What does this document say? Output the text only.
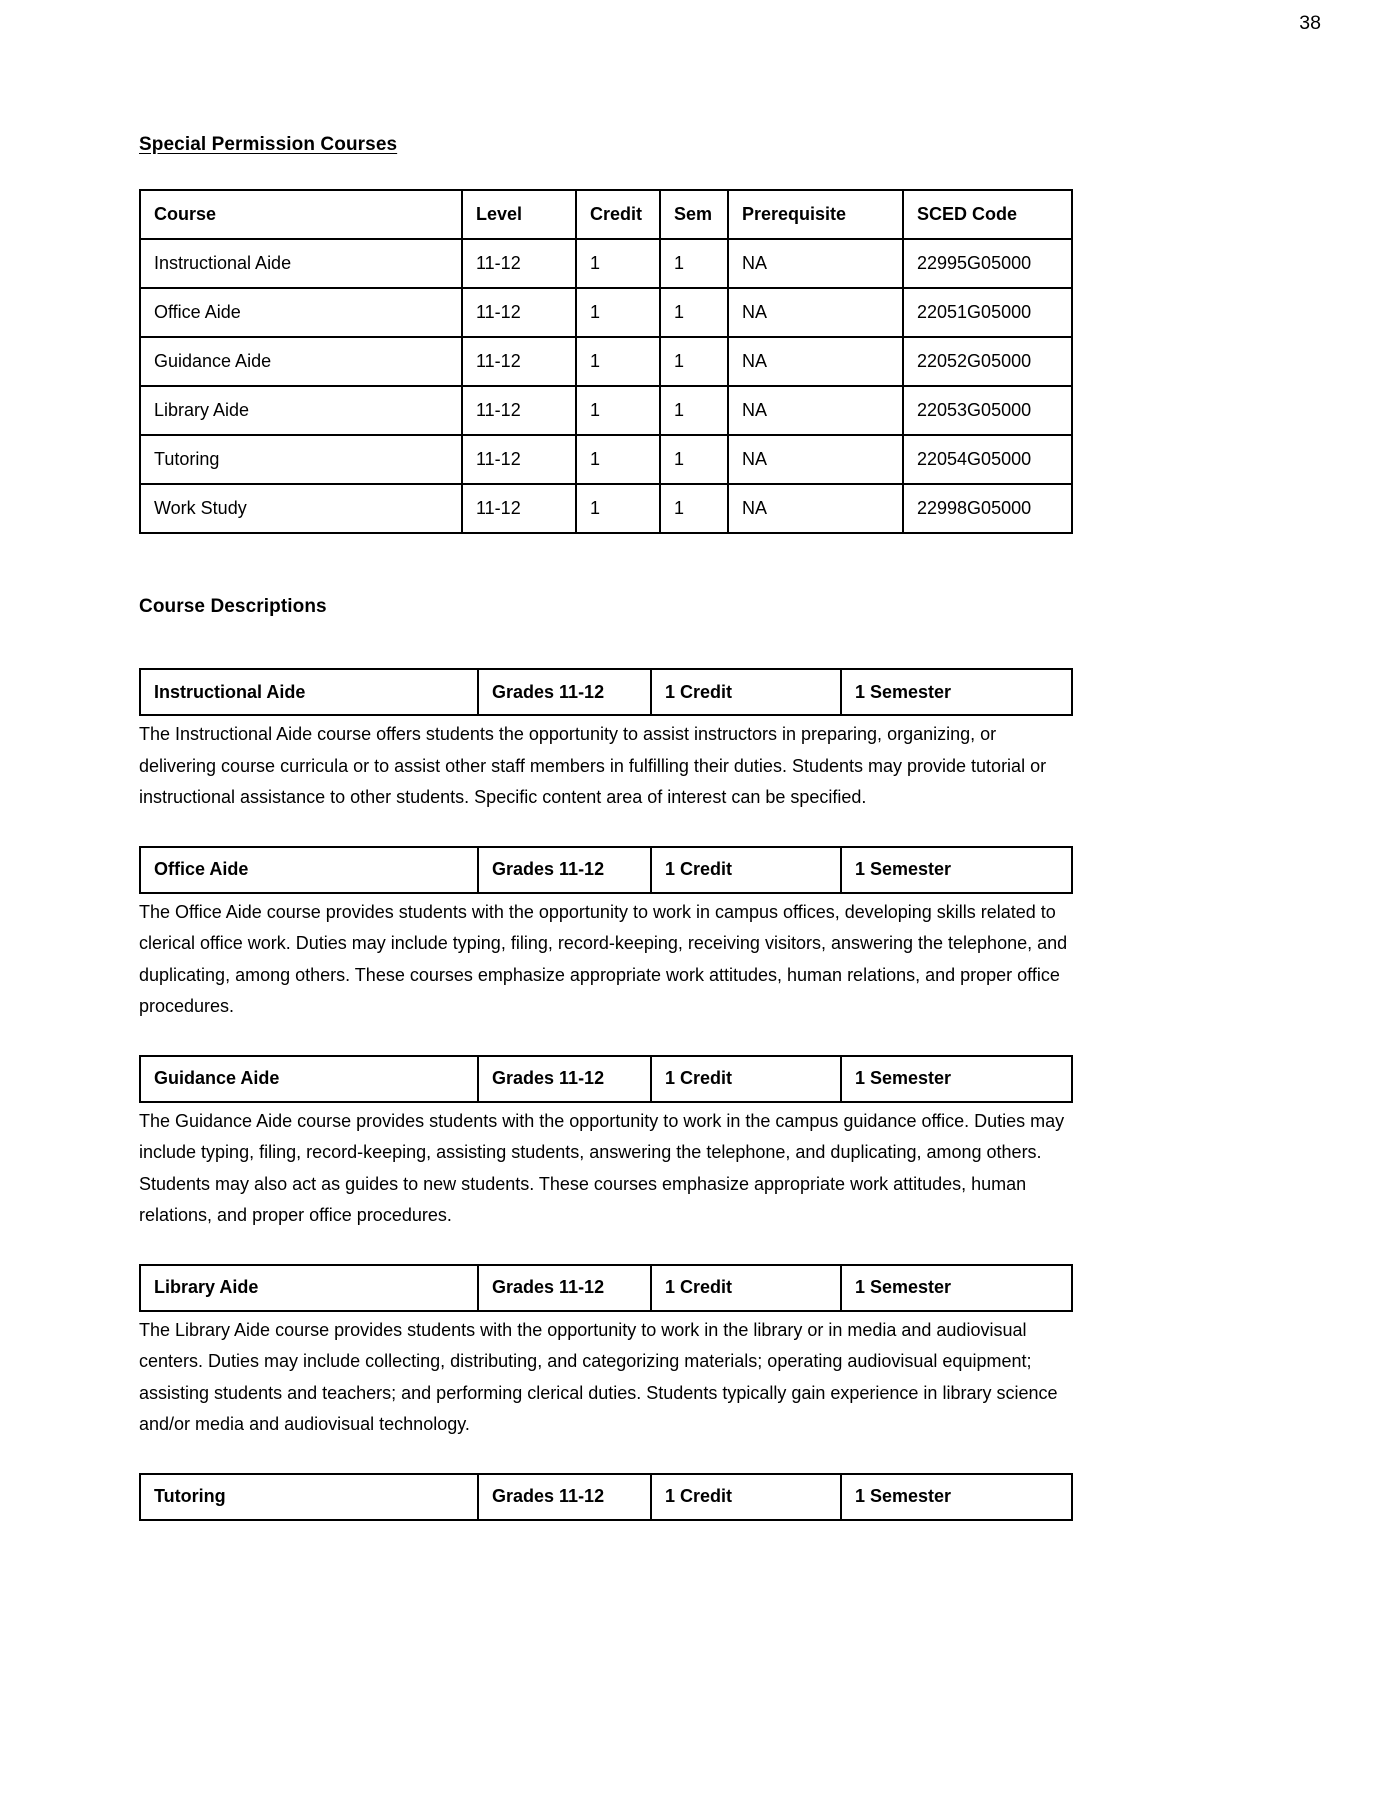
38
Special Permission Courses
Course	Level	Credit	Sem	Prerequisite	SCED Code
Instructional Aide	11-12	1	1	NA	22995G05000
Office Aide	11-12	1	1	NA	22051G05000
Guidance Aide	11-12	1	1	NA	22052G05000
Library Aide	11-12	1	1	NA	22053G05000
Tutoring	11-12	1	1	NA	22054G05000
Work Study	11-12	1	1	NA	22998G05000
Course Descriptions
Instructional Aide	Grades 11-12	1 Credit	1 Semester

The Instructional Aide course offers students the opportunity to assist instructors in preparing, organizing, or delivering course curricula or to assist other staff members in fulfilling their duties. Students may provide tutorial or instructional assistance to other students. Specific content area of interest can be specified.

Office Aide	Grades 11-12	1 Credit	1 Semester

The Office Aide course provides students with the opportunity to work in campus offices, developing skills related to clerical office work. Duties may include typing, filing, record-keeping, receiving visitors, answering the telephone, and duplicating, among others. These courses emphasize appropriate work attitudes, human relations, and proper office procedures.

Guidance Aide	Grades 11-12	1 Credit	1 Semester

The Guidance Aide course provides students with the opportunity to work in the campus guidance office. Duties may include typing, filing, record-keeping, assisting students, answering the telephone, and duplicating, among others. Students may also act as guides to new students. These courses emphasize appropriate work attitudes, human relations, and proper office procedures.

Library Aide	Grades 11-12	1 Credit	1 Semester

The Library Aide course provides students with the opportunity to work in the library or in media and audiovisual centers. Duties may include collecting, distributing, and categorizing materials; operating audiovisual equipment; assisting students and teachers; and performing clerical duties. Students typically gain experience in library science and/or media and audiovisual technology.

Tutoring	Grades 11-12	1 Credit	1 Semester
